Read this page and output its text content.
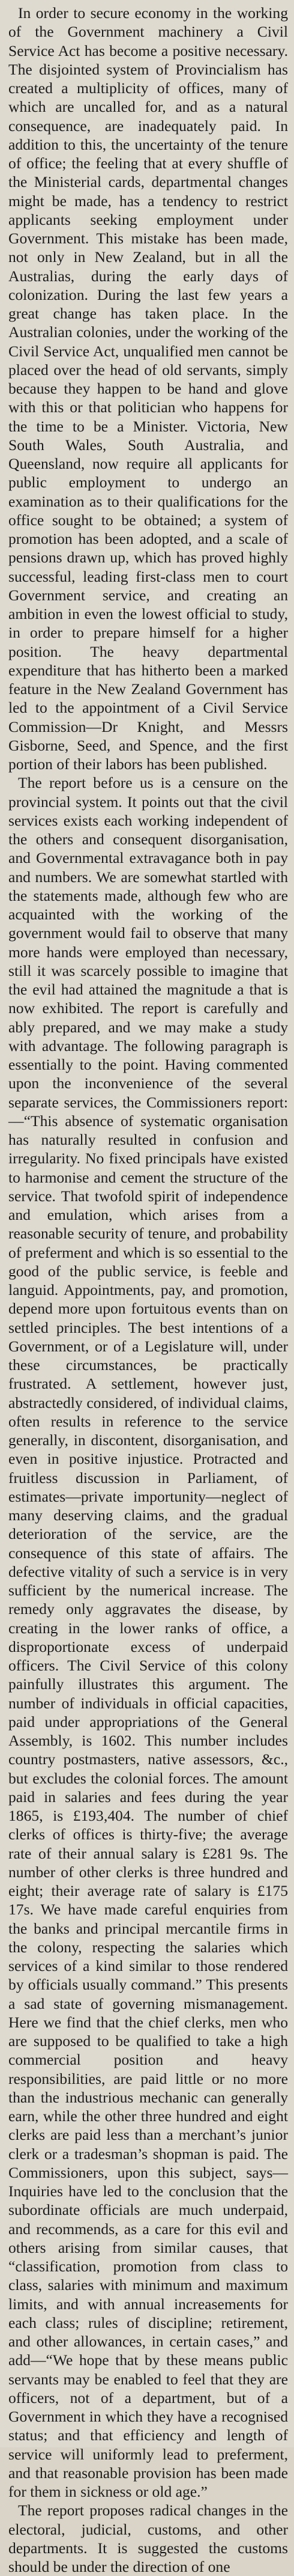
In order to secure economy in the working of the Government machinery a Civil Service Act has become a positive necessary. The disjointed system of Provincialism has created a multiplicity of offices, many of which are uncalled for, and as a natural consequence, are inadequately paid. In addition to this, the uncertainty of the tenure of office; the feeling that at every shuffle of the Ministerial cards, departmental changes might be made, has a tendency to restrict applicants seeking employment under Government. This mistake has been made, not only in New Zealand, but in all the Australias, during the early days of colonization. During the last few years a great change has taken place. In the Australian colonies, under the working of the Civil Service Act, unqualified men cannot be placed over the head of old servants, simply because they happen to be hand and glove with this or that politician who happens for the time to be a Minister. Victoria, New South Wales, South Australia, and Queensland, now require all applicants for public employment to undergo an examination as to their qualifications for the office sought to be obtained; a system of promotion has been adopted, and a scale of pensions drawn up, which has proved highly successful, leading first-class men to court Government service, and creating an ambition in even the lowest official to study, in order to prepare himself for a higher position. The heavy departmental expenditure that has hitherto been a marked feature in the New Zealand Government has led to the appointment of a Civil Service Commission—Dr Knight, and Messrs Gisborne, Seed, and Spence, and the first portion of their labors has been published.

The report before us is a censure on the provincial system. It points out that the civil services exists each working independent of the others and consequent disorganisation, and Governmental extravagance both in pay and numbers. We are somewhat startled with the statements made, although few who are acquainted with the working of the government would fail to observe that many more hands were employed than necessary, still it was scarcely possible to imagine that the evil had attained the magnitude a that is now exhibited. The report is carefully and ably prepared, and we may make a study with advantage. The following paragraph is essentially to the point. Having commented upon the inconvenience of the several separate services, the Commissioners report:—“This absence of systematic organisation has naturally resulted in confusion and irregularity. No fixed principals have existed to harmonise and cement the structure of the service. That twofold spirit of independence and emulation, which arises from a reasonable security of tenure, and probability of preferment and which is so essential to the good of the public service, is feeble and languid. Appointments, pay, and promotion, depend more upon fortuitous events than on settled principles. The best intentions of a Government, or of a Legislature will, under these circumstances, be practically frustrated. A settlement, however just, abstractedly considered, of individual claims, often results in reference to the service generally, in discontent, disorganisation, and even in positive injustice. Protracted and fruitless discussion in Parliament, of estimates—private importunity—neglect of many deserving claims, and the gradual deterioration of the service, are the consequence of this state of affairs. The defective vitality of such a service is in very sufficient by the numerical increase. The remedy only aggravates the disease, by creating in the lower ranks of office, a disproportionate excess of underpaid officers. The Civil Service of this colony painfully illustrates this argument. The number of individuals in official capacities, paid under appropriations of the General Assembly, is 1602. This number includes country postmasters, native assessors, &c., but excludes the colonial forces. The amount paid in salaries and fees during the year 1865, is £193,404. The number of chief clerks of offices is thirty-five; the average rate of their annual salary is £281 9s. The number of other clerks is three hundred and eight; their average rate of salary is £175 17s. We have made careful enquiries from the banks and principal mercantile firms in the colony, respecting the salaries which services of a kind similar to those rendered by officials usually command.” This presents a sad state of governing mismanagement. Here we find that the chief clerks, men who are supposed to be qualified to take a high commercial position and heavy responsibilities, are paid little or no more than the industrious mechanic can generally earn, while the other three hundred and eight clerks are paid less than a merchant’s junior clerk or a tradesman’s shopman is paid. The Commissioners, upon this subject, says—Inquiries have led to the conclusion that the subordinate officials are much underpaid, and recommends, as a care for this evil and others arising from similar causes, that “classification, promotion from class to class, salaries with minimum and maximum limits, and with annual increasements for each class; rules of discipline; retirement, and other allowances, in certain cases,” and add—“We hope that by these means public servants may be enabled to feel that they are officers, not of a department, but of a Government in which they have a recognised status; and that efficiency and length of service will uniformly lead to preferment, and that reasonable provision has been made for them in sickness or old age.”

The report proposes radical changes in the electoral, judicial, customs, and other departments. It is suggested the customs should be under the direction of one
